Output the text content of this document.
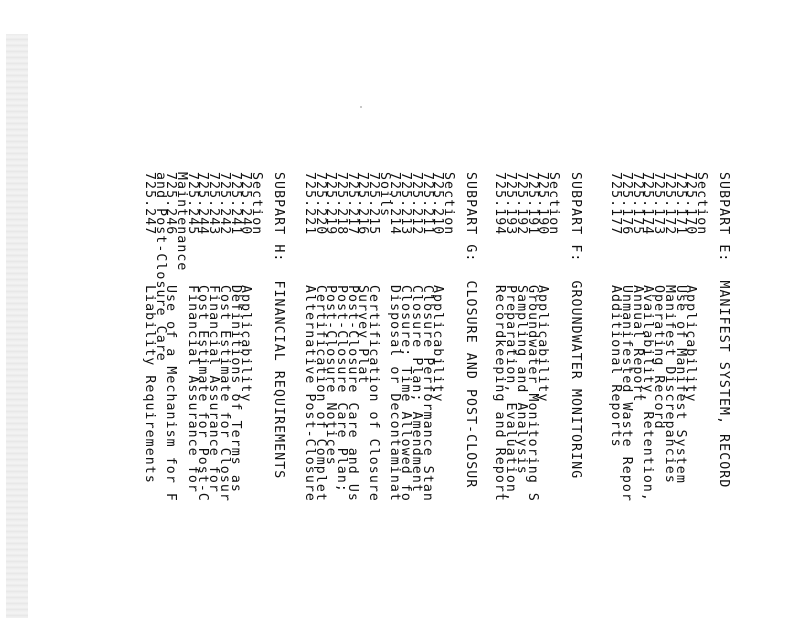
SUBPART E:  MANIFEST SYSTEM, RECORD
Section
725.170
Applicability
725.171
Use of Manifest System
725.172
Manifest Discrepancies
725.173
Operating Record
725.174
Availability, Retention,
725.175
Annual Report
725.176
Unmanifested Waste Repor
725.177
Additional Reports
SUBPART F:  GROUNDWATER MONITORING
Section
725.190
Applicability
725.191
Groundwater Monitoring S
725.192
Sampling and Analysis
725.193
Preparation, Evaluation,
725.194
Recordkeeping and Report
SUBPART G:  CLOSURE AND POST-CLOSUR
Section
725.210
Applicability
725.211
Closure Performance Stan
725.212
Closure Plan; Amendment
725.213
Closure; Time Allowed fo
725.214
Disposal or Decontaminat
Soils
725.215
Certification of Closure
725.216
Survey Plat
725.217
Post-Closure Care and Us
725.218
Post-Closure Care Plan;
725.219
Post-Closure Notices
725.220
Certification of Complet
725.221
Alternative Post-Closure
SUBPART H:  FINANCIAL REQUIREMENTS
Section
725.240
Applicability
725.241
Definitions of Terms as
725.242
Cost Estimate for Closur
725.243
Financial Assurance for
725.244
Cost Estimate for Post-C
725.245
Financial Assurance for
Maintenance
725.246
Use of a Mechanism for F
and Post-Closure Care
725.247
Liability Requirements
